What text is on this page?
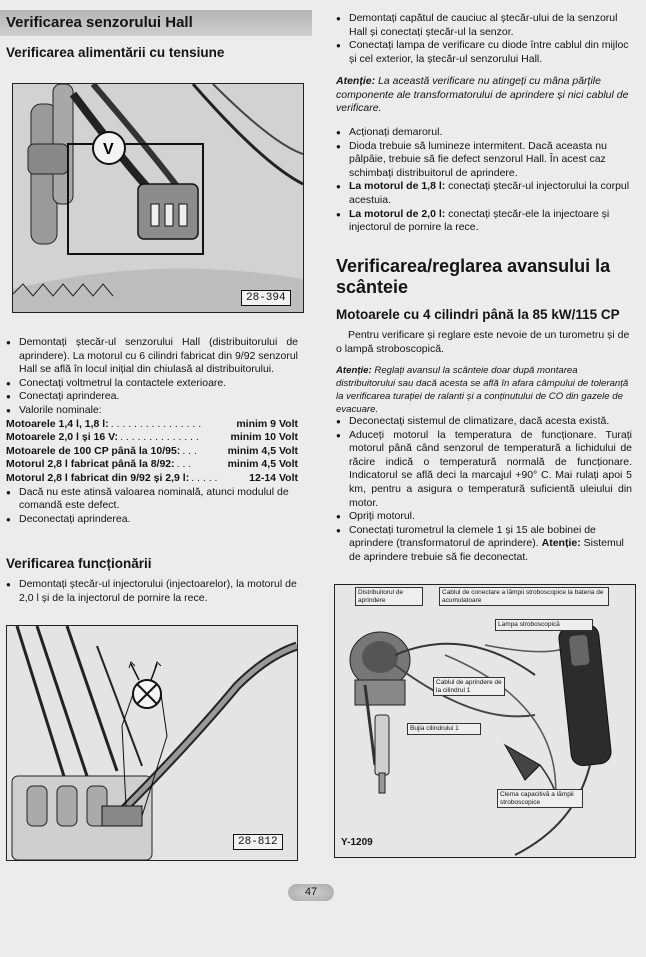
Verificarea senzorului Hall
Verificarea alimentării cu tensiune
V
28-394
● Demontați ștecăr-ul senzorului Hall (distribuitorului de aprindere). La motorul cu 6 cilindri fabricat din 9/92 senzorul Hall se află în locul inițial din chiulasă al distribuitorului.
● Conectați voltmetrul la contactele exterioare.
● Conectați aprinderea.
● Valorile nominale:
Motoarele 1,4 l, 1,8 l: . . . . . . . . . . . . . . . .	minim 9 Volt
Motoarele 2,0 l și 16 V: . . . . . . . . . . . . . .	minim 10 Volt
Motoarele de 100 CP până la 10/95: . . .	minim 4,5 Volt
Motorul 2,8 l fabricat până la 8/92: . . .	minim 4,5 Volt
Motorul 2,8 l fabricat din 9/92 și 2,9 l: . . . . .	12-14 Volt
● Dacă nu este atinsă valoarea nominală, atunci modulul de comandă este defect.
● Deconectați aprinderea.
Verificarea funcționării
● Demontați ștecăr-ul injectorului (injectoarelor), la motorul de 2,0 l și de la injectorul de pornire la rece.
28-812
● Demontați capătul de cauciuc al ștecăr-ului de la senzorul Hall și conectați ștecăr-ul la senzor.
● Conectați lampa de verificare cu diode între cablul din mijloc și cel exterior, la ștecăr-ul senzorului Hall.

Atenție: La această verificare nu atingeți cu mâna părțile componente ale transformatorului de aprindere și nici cablul de verificare.

● Acționați demarorul.
● Dioda trebuie să lumineze intermitent. Dacă aceasta nu pâlpâie, trebuie să fie defect senzorul Hall. În acest caz schimbați distribuitorul de aprindere.
● La motorul de 1,8 l: conectați ștecăr-ul injectorului la corpul acestuia.
● La motorul de 2,0 l: conectați ștecăr-ele la injectoare și injectorul de pornire la rece.
Verificarea/reglarea avansului la scânteie
Motoarele cu 4 cilindri până la 85 kW/115 CP

Pentru verificare și reglare este nevoie de un turometru și de o lampă stroboscopică.

Atenție: Reglați avansul la scânteie doar după montarea distribuitorului sau dacă acesta se află în afara câmpului de toleranță la verificarea turației de ralanti și a conținutului de CO din gazele de evacuare.

● Deconectați sistemul de climatizare, dacă acesta există.
● Aduceți motorul la temperatura de funcționare. Turați motorul până când senzorul de temperatură a lichidului de răcire indică o temperatură normală de funcționare. Indicatorul se află deci la marcajul +90° C. Mai rulați apoi 5 km, pentru a asigura o temperatură suficientă uleiului din motor.
● Opriți motorul.
● Conectați turometrul la clemele 1 și 15 ale bobinei de aprindere (transformatorul de aprindere). Atenție: Sistemul de aprindere trebuie să fie deconectat.
Distribuitorul de aprindere
Cablul de conectare a lămpii stroboscopice la bateria de acumulatoare
Lampa stroboscopică
Cablul de aprindere de la cilindrul 1
Bujia cilindrului 1
Clema capacitivă a lămpii stroboscopice
Y-1209
47
